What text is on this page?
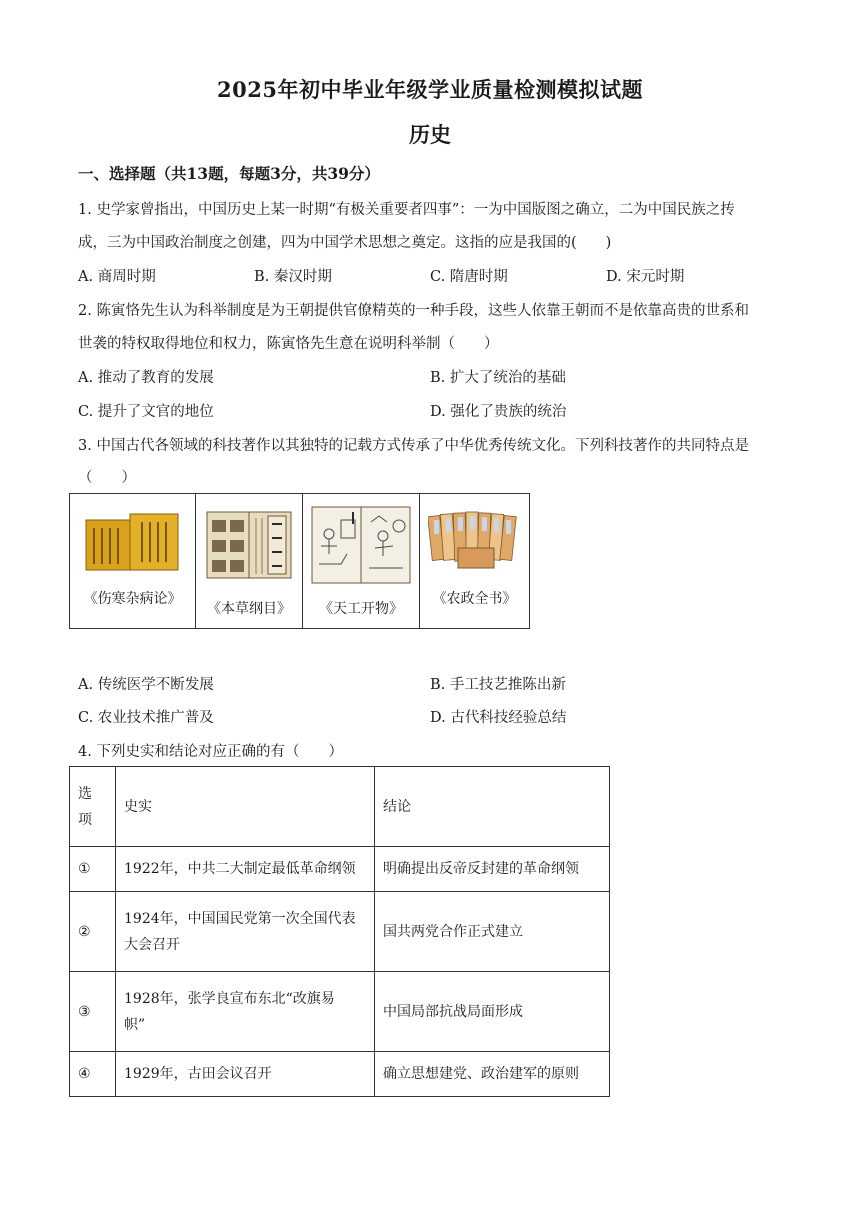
2025年初中毕业年级学业质量检测模拟试题
历史
一、选择题（共13题，每题3分，共39分）
1. 史学家曾指出，中国历史上某一时期“有极关重要者四事”：一为中国版图之确立，二为中国民族之抟
成，三为中国政治制度之创建，四为中国学术思想之奠定。这指的应是我国的(　　)
A. 商周时期	B. 秦汉时期	C. 隋唐时期	D. 宋元时期
2. 陈寅恪先生认为科举制度是为王朝提供官僚精英的一种手段，这些人依靠王朝而不是依靠高贵的世系和
世袭的特权取得地位和权力，陈寅恪先生意在说明科举制（　　）
A. 推动了教育的发展	B. 扩大了统治的基础
C. 提升了文官的地位	D. 强化了贵族的统治
3. 中国古代各领域的科技著作以其独特的记载方式传承了中华优秀传统文化。下列科技著作的共同特点是
（　　）
《伤寒杂病论》
《本草纲目》	《天工开物》
《农政全书》
A. 传统医学不断发展	B. 手工技艺推陈出新
C. 农业技术推广普及	D. 古代科技经验总结
4. 下列史实和结论对应正确的有（　　）
选
项	史实	结论
①	1922年，中共二大制定最低革命纲领	明确提出反帝反封建的革命纲领
②	1924年，中国国民党第一次全国代表
大会召开	国共两党合作正式建立
③	1928年，张学良宣布东北“改旗易
帜”	中国局部抗战局面形成
④	1929年，古田会议召开	确立思想建党、政治建军的原则
